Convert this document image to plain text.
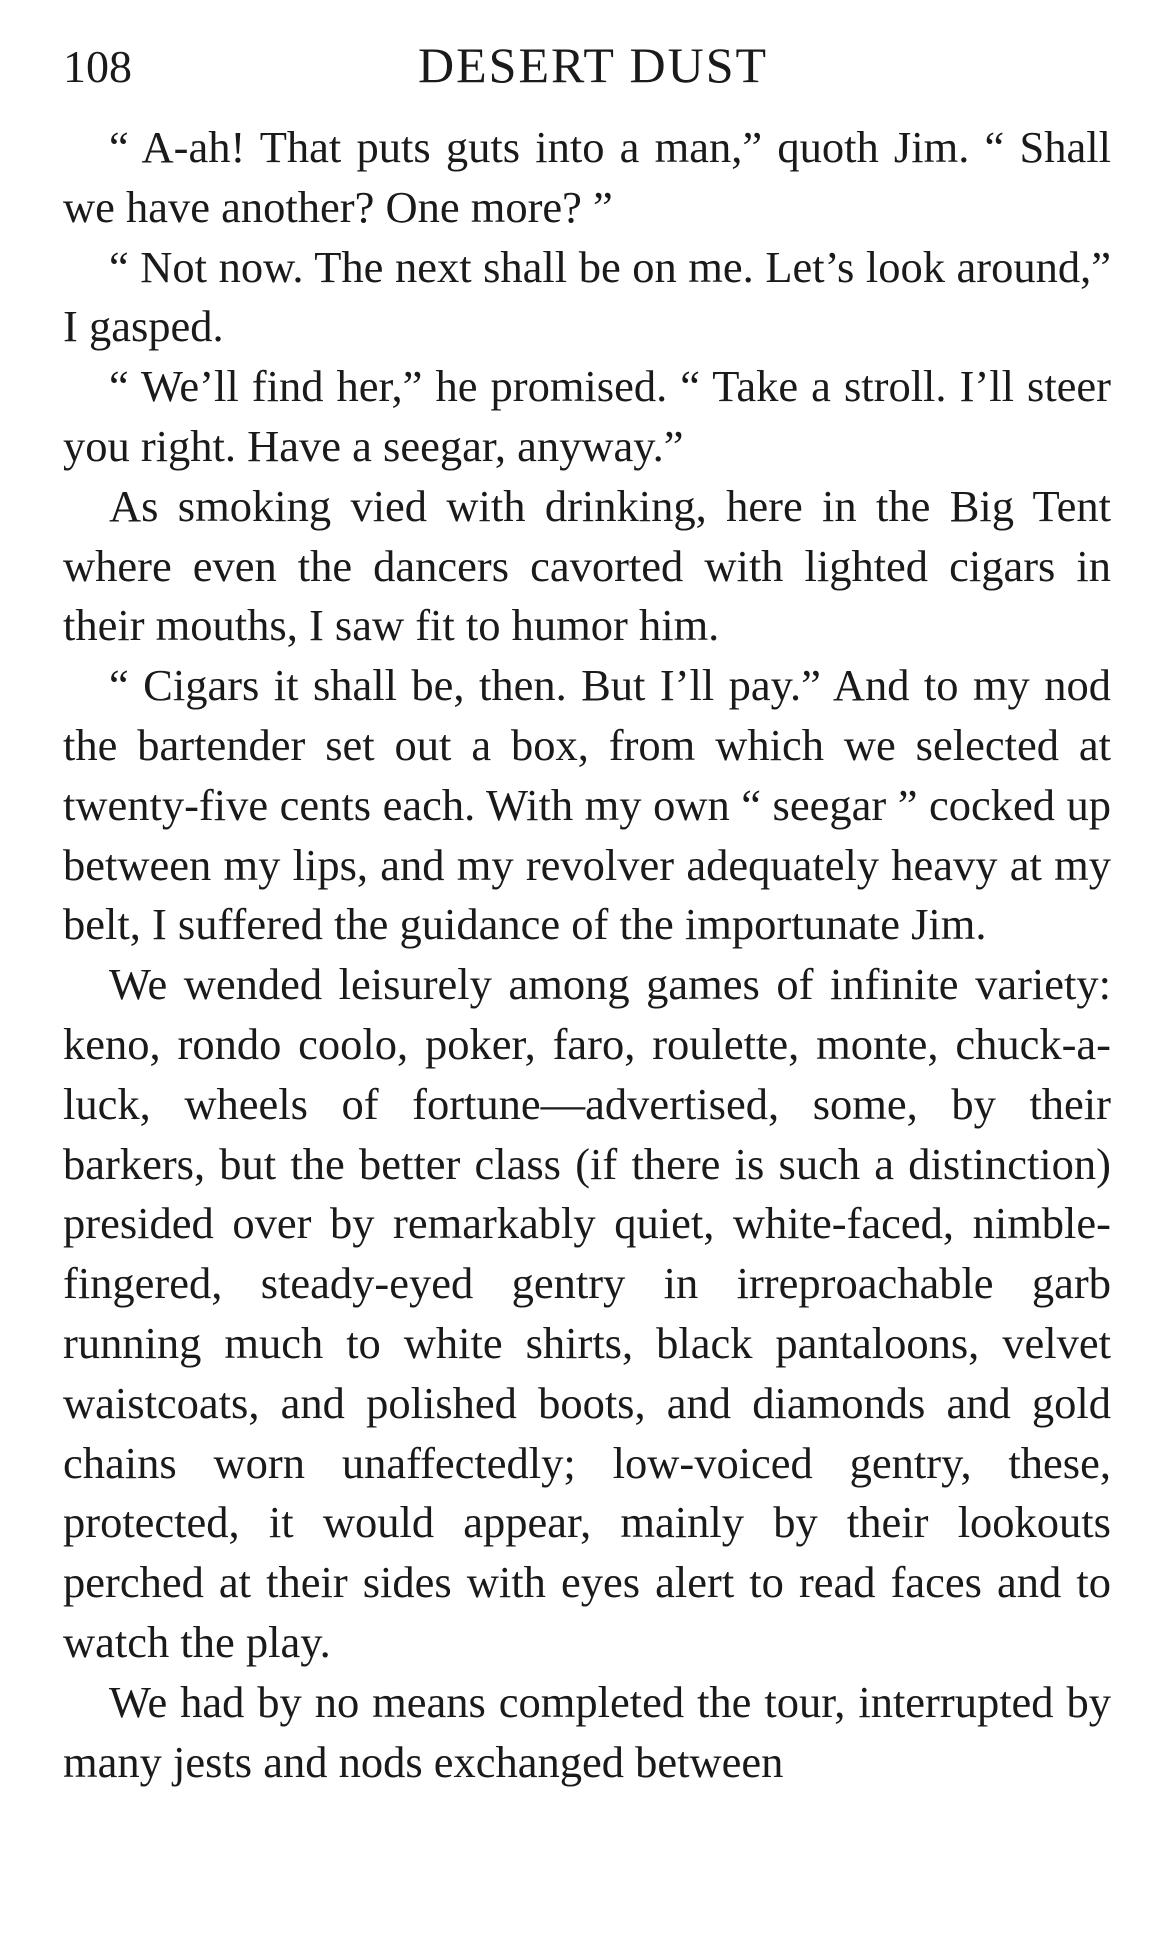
108	DESERT DUST

“ A-ah! That puts guts into a man,” quoth Jim. “ Shall we have another? One more? ”

“ Not now. The next shall be on me. Let’s look around,” I gasped.

“ We’ll find her,” he promised. “ Take a stroll. I’ll steer you right. Have a seegar, anyway.”

As smoking vied with drinking, here in the Big Tent where even the dancers cavorted with lighted cigars in their mouths, I saw fit to humor him.

“ Cigars it shall be, then. But I’ll pay.” And to my nod the bartender set out a box, from which we selected at twenty-five cents each. With my own “ seegar ” cocked up between my lips, and my revolver adequately heavy at my belt, I suffered the guidance of the importunate Jim.

We wended leisurely among games of infinite variety: keno, rondo coolo, poker, faro, roulette, monte, chuck-a-luck, wheels of fortune—advertised, some, by their barkers, but the better class (if there is such a distinction) presided over by remarkably quiet, white-faced, nimble-fingered, steady-eyed gentry in irreproachable garb running much to white shirts, black pantaloons, velvet waistcoats, and polished boots, and diamonds and gold chains worn unaffectedly; low-voiced gentry, these, protected, it would appear, mainly by their lookouts perched at their sides with eyes alert to read faces and to watch the play.

We had by no means completed the tour, interrupted by many jests and nods exchanged between
